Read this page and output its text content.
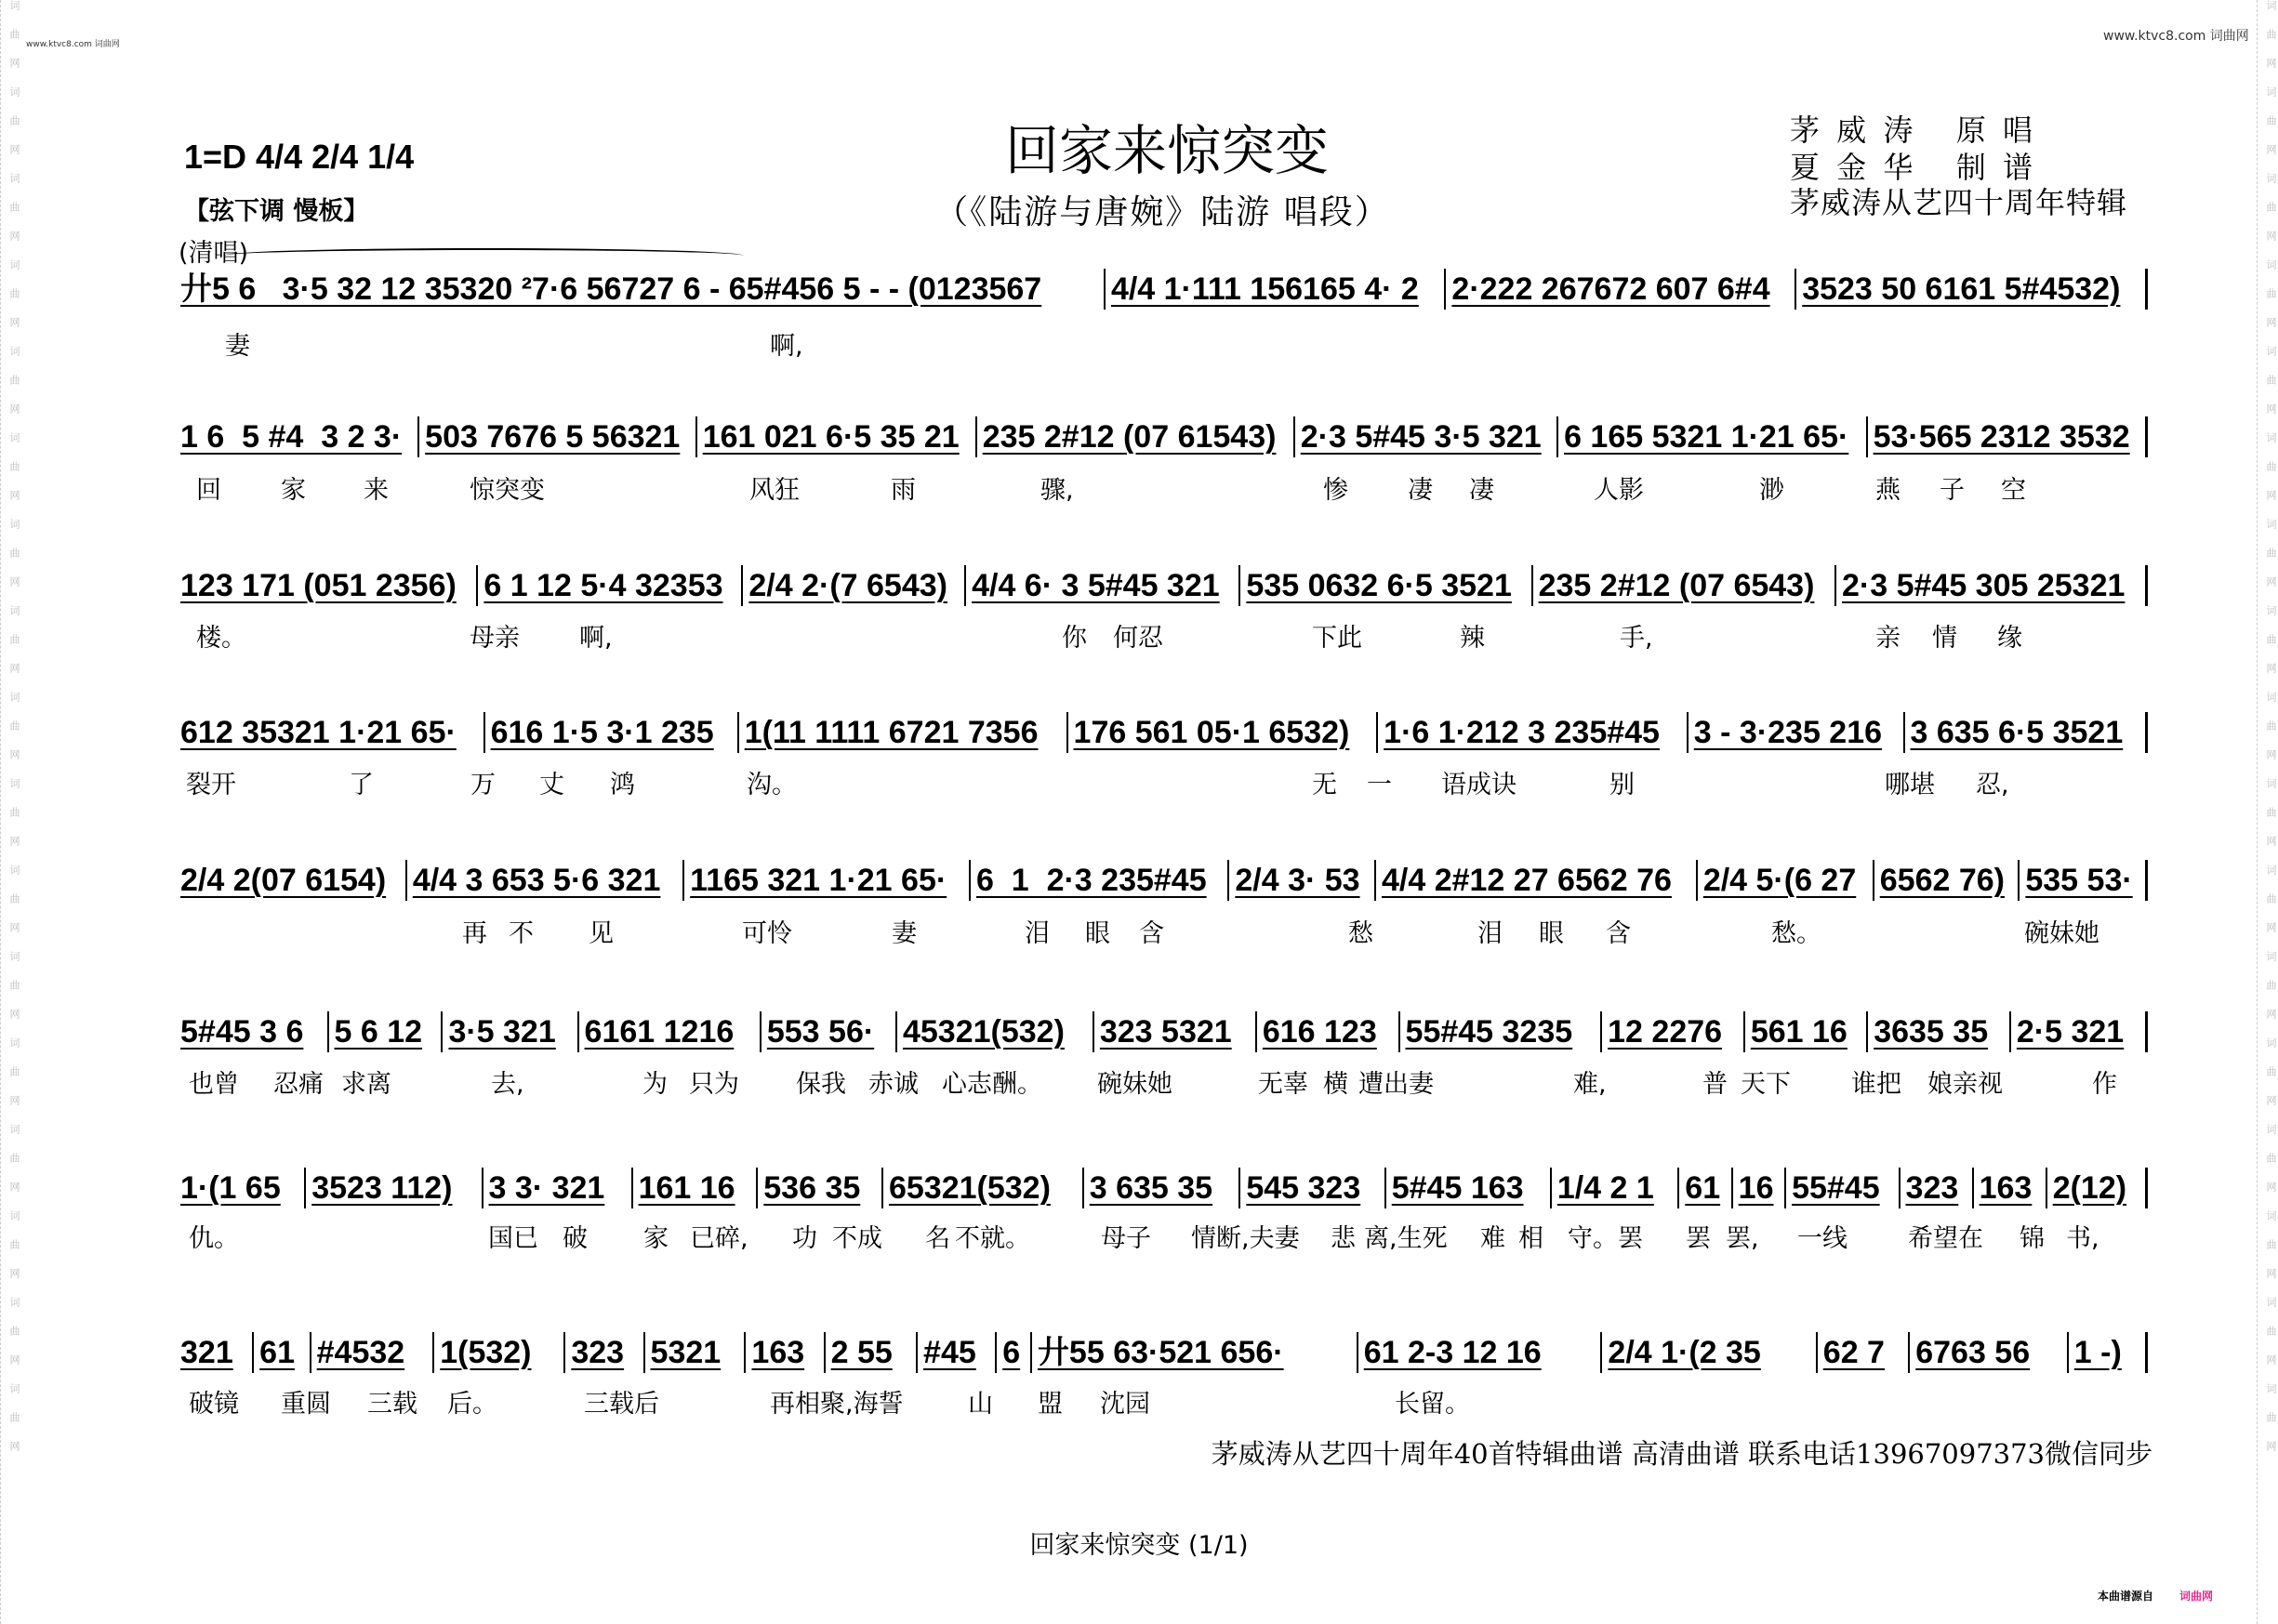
词曲网词曲网词曲网词曲网词曲网词曲网词曲网词曲网词曲网词曲网词曲网词曲网词曲网词曲网词曲网词曲网词曲网	词曲网词曲网词曲网词曲网词曲网词曲网词曲网词曲网词曲网词曲网词曲网词曲网词曲网词曲网词曲网词曲网词曲网
www.ktvc8.com 词曲网
www.ktvc8.com 词曲网
回家来惊突变
（《陆游与唐婉》陆游 唱段）
1=D 4/4 2/4 1/4
【弦下调 慢板】
(清唱)
茅 威 涛   原 唱
夏 金 华   制 谱
茅威涛从艺四十周年特辑
廾5 6   3·5 32 12 35320 ²7·6 56727 6 - 65#456 5 - - (0123567	4/4 1·111 156165 4· 2	2·222 267672 607 6#4	3523 50 6161 5#4532)
妻	啊,
1 6  5 #4  3 2 3· 503 7676 5 56321 161 021 6·5 35 21 235 2#12 (07 61543) 2·3 5#45 3·5 321 6 165 5321 1·21 65· 53·565 2312 3532
回 家 来	惊突变	风狂	雨	骤,	惨 凄 凄	人影	渺	燕 子 空
123 171 (051 2356) 6 1 12 5·4 32353 2/4 2·(7 6543) 4/4 6· 3 5#45 321 535 0632 6·5 3521 235 2#12 (07 6543) 2·3 5#45 305 25321
楼。	母亲 啊,	你 何忍	下此	辣	手,	亲 情 缘
612 35321 1·21 65·	616 1·5 3·1 235 1(11 1111 6721 7356	176 561 05·1 6532)	1·6 1·212 3 235#45	3 - 3·235 216 3 635 6·5 3521
裂开	了	万 丈 鸿	沟。	无 一 语成诀	别	哪堪 忍,
2/4 2(07 6154) 4/4 3 653 5·6 321 1165 321 1·21 65· 6  1  2·3 235#45 2/4 3· 53 4/4 2#12 27 6562 76 2/4 5·(6 27 6562 76) 535 53·
再 不 见	可怜	妻	泪 眼 含	愁	泪 眼 含	愁。	碗妹她
5#45 3 6 5 6 12 3·5 321 6161 1216	553 56· 45321(532)	323 5321 616 123 55#45 3235	12 2276 561 16 3635 35 2·5 321
也曾 忍痛 求离	去,	为 只为 保我 赤诚 心志酬。 碗妹她	无辜 横 遭出妻	难,	普 天下 谁把 娘亲视	作
1·(1 65 3523 112)	3 3· 321	161 16 536 35 65321(532)	3 635 35	545 323 5#45 163	1/4 2 1 61 16 55#45 323 163 2(12)
仇。	国已 破 家 已碎, 功 不成 名 不就。	母子 情断,夫妻 悲 离,生死 难 相 守。罢 罢 罢, 一线 希望在 锦 书,
321 61 #4532	1(532)	323 5321 163 2 55 #45 6 廾55 63·521 656·	61 2-3 12 16	2/4 1·(2 35	62 7 6763 56	1 -)
破镜 重圆 三载 后。	三载后	再相聚,海誓	山 盟 沈园	长留。
茅威涛从艺四十周年40首特辑曲谱 高清曲谱 联系电话13967097373微信同步
回家来惊突变 (1/1)
本曲谱源自 词曲网
